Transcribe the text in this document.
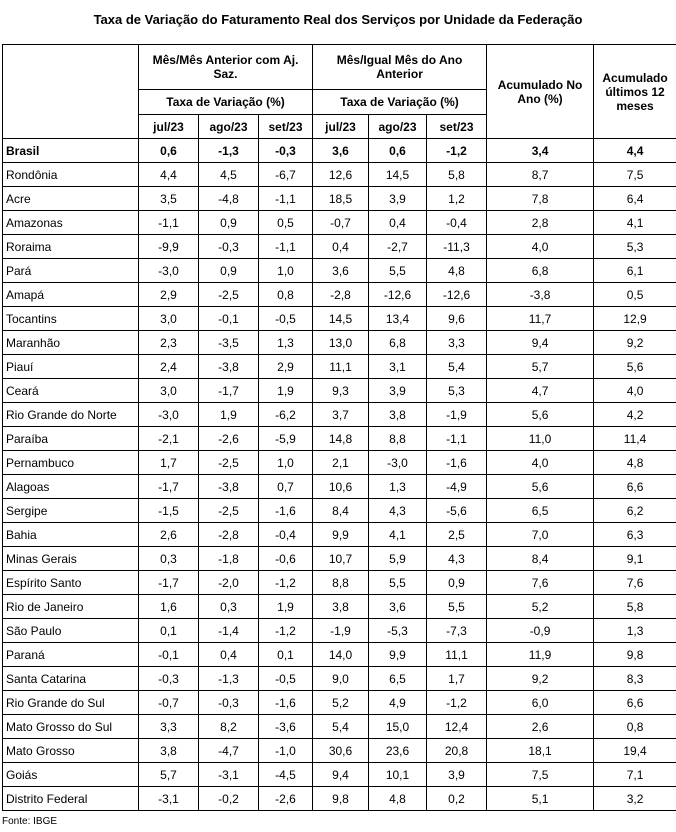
Taxa de Variação do Faturamento Real dos Serviços por Unidade da Federação
	Mês/Mês Anterior com Aj. Saz.			Mês/Igual Mês do Ano Anterior			Acumulado No Ano (%)	Acumulado últimos 12 meses
	Taxa de Variação (%)			Taxa de Variação (%)				
	jul/23	ago/23	set/23	jul/23	ago/23	set/23		
Brasil	0,6	-1,3	-0,3	3,6	0,6	-1,2	3,4	4,4
Rondônia	4,4	4,5	-6,7	12,6	14,5	5,8	8,7	7,5
Acre	3,5	-4,8	-1,1	18,5	3,9	1,2	7,8	6,4
Amazonas	-1,1	0,9	0,5	-0,7	0,4	-0,4	2,8	4,1
Roraima	-9,9	-0,3	-1,1	0,4	-2,7	-11,3	4,0	5,3
Pará	-3,0	0,9	1,0	3,6	5,5	4,8	6,8	6,1
Amapá	2,9	-2,5	0,8	-2,8	-12,6	-12,6	-3,8	0,5
Tocantins	3,0	-0,1	-0,5	14,5	13,4	9,6	11,7	12,9
Maranhão	2,3	-3,5	1,3	13,0	6,8	3,3	9,4	9,2
Piauí	2,4	-3,8	2,9	11,1	3,1	5,4	5,7	5,6
Ceará	3,0	-1,7	1,9	9,3	3,9	5,3	4,7	4,0
Rio Grande do Norte	-3,0	1,9	-6,2	3,7	3,8	-1,9	5,6	4,2
Paraíba	-2,1	-2,6	-5,9	14,8	8,8	-1,1	11,0	11,4
Pernambuco	1,7	-2,5	1,0	2,1	-3,0	-1,6	4,0	4,8
Alagoas	-1,7	-3,8	0,7	10,6	1,3	-4,9	5,6	6,6
Sergipe	-1,5	-2,5	-1,6	8,4	4,3	-5,6	6,5	6,2
Bahia	2,6	-2,8	-0,4	9,9	4,1	2,5	7,0	6,3
Minas Gerais	0,3	-1,8	-0,6	10,7	5,9	4,3	8,4	9,1
Espírito Santo	-1,7	-2,0	-1,2	8,8	5,5	0,9	7,6	7,6
Rio de Janeiro	1,6	0,3	1,9	3,8	3,6	5,5	5,2	5,8
São Paulo	0,1	-1,4	-1,2	-1,9	-5,3	-7,3	-0,9	1,3
Paraná	-0,1	0,4	0,1	14,0	9,9	11,1	11,9	9,8
Santa Catarina	-0,3	-1,3	-0,5	9,0	6,5	1,7	9,2	8,3
Rio Grande do Sul	-0,7	-0,3	-1,6	5,2	4,9	-1,2	6,0	6,6
Mato Grosso do Sul	3,3	8,2	-3,6	5,4	15,0	12,4	2,6	0,8
Mato Grosso	3,8	-4,7	-1,0	30,6	23,6	20,8	18,1	19,4
Goiás	5,7	-3,1	-4,5	9,4	10,1	3,9	7,5	7,1
Distrito Federal	-3,1	-0,2	-2,6	9,8	4,8	0,2	5,1	3,2
Fonte: IBGE
